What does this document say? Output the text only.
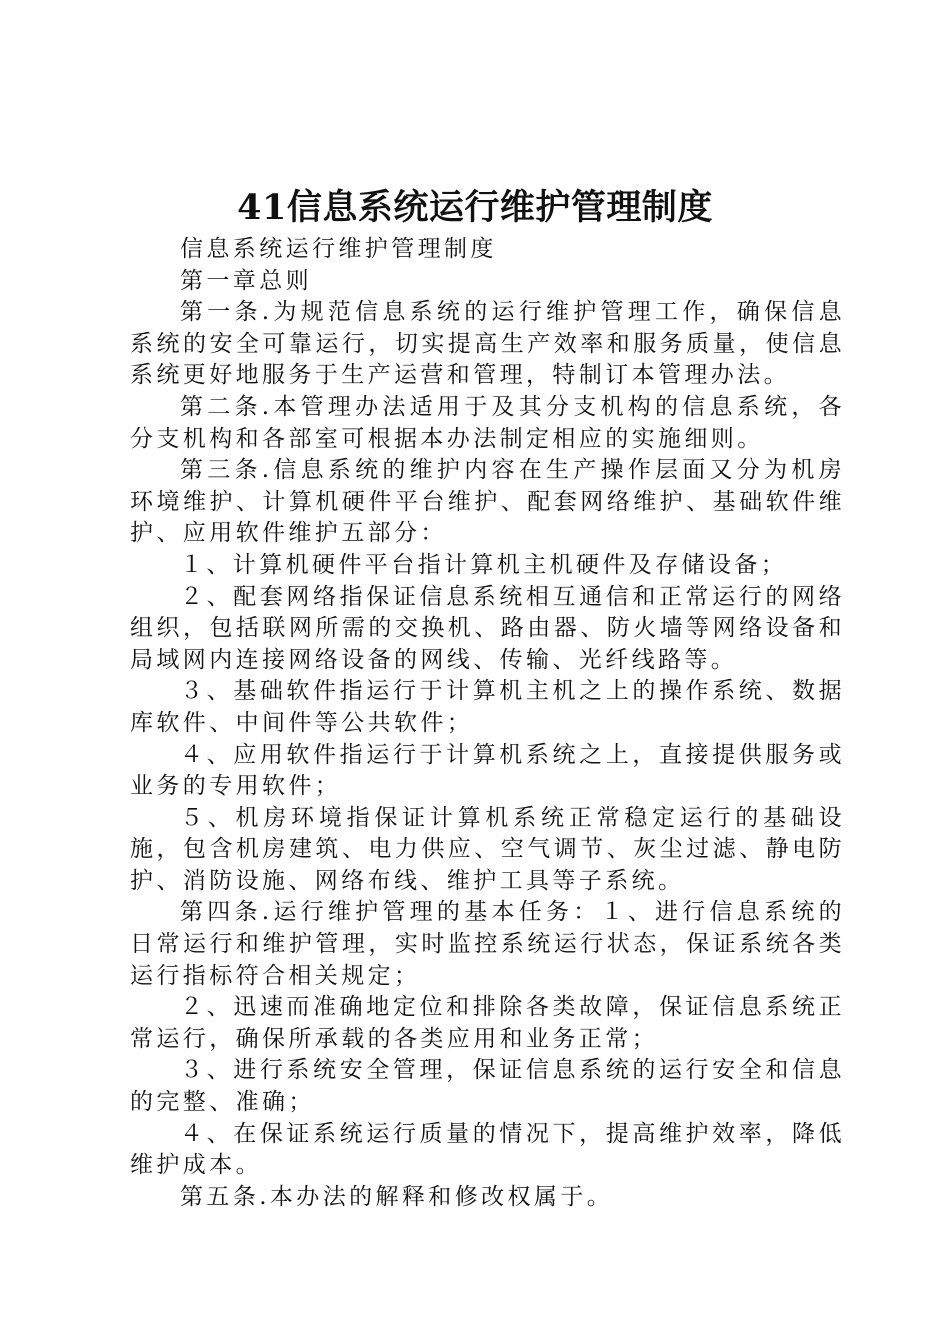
41信息系统运行维护管理制度

信息系统运行维护管理制度

第一章总则

第一条.为规范信息系统的运行维护管理工作，确保信息系统的安全可靠运行，切实提高生产效率和服务质量，使信息系统更好地服务于生产运营和管理，特制订本管理办法。

第二条.本管理办法适用于及其分支机构的信息系统，各分支机构和各部室可根据本办法制定相应的实施细则。

第三条.信息系统的维护内容在生产操作层面又分为机房环境维护、计算机硬件平台维护、配套网络维护、基础软件维护、应用软件维护五部分：

１、计算机硬件平台指计算机主机硬件及存储设备；

２、配套网络指保证信息系统相互通信和正常运行的网络组织，包括联网所需的交换机、路由器、防火墙等网络设备和局域网内连接网络设备的网线、传输、光纤线路等。

３、基础软件指运行于计算机主机之上的操作系统、数据库软件、中间件等公共软件；

４、应用软件指运行于计算机系统之上，直接提供服务或业务的专用软件；

５、机房环境指保证计算机系统正常稳定运行的基础设施，包含机房建筑、电力供应、空气调节、灰尘过滤、静电防护、消防设施、网络布线、维护工具等子系统。

第四条.运行维护管理的基本任务：１、进行信息系统的日常运行和维护管理，实时监控系统运行状态，保证系统各类运行指标符合相关规定；

２、迅速而准确地定位和排除各类故障，保证信息系统正常运行，确保所承载的各类应用和业务正常；

３、进行系统安全管理，保证信息系统的运行安全和信息的完整、准确；

４、在保证系统运行质量的情况下，提高维护效率，降低维护成本。

第五条.本办法的解释和修改权属于。
